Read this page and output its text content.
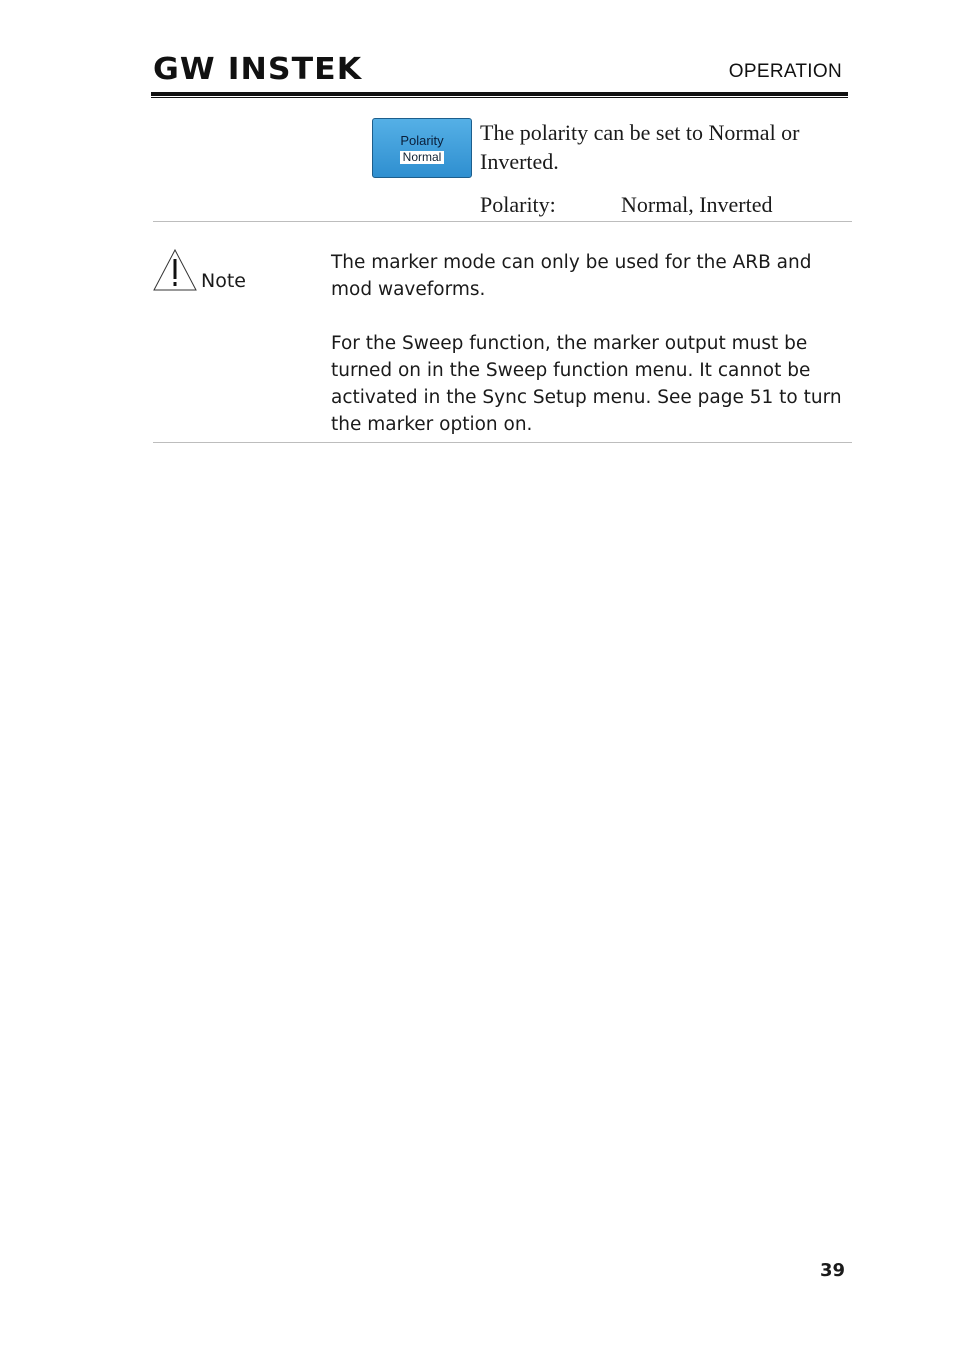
GW INSTEK	OPERATION
Polarity
Normal
The polarity can be set to Normal or Inverted.
Polarity:	Normal, Inverted
Note

The marker mode can only be used for the ARB and mod waveforms.

For the Sweep function, the marker output must be turned on in the Sweep function menu. It cannot be activated in the Sync Setup menu. See page 51 to turn the marker option on.

39
